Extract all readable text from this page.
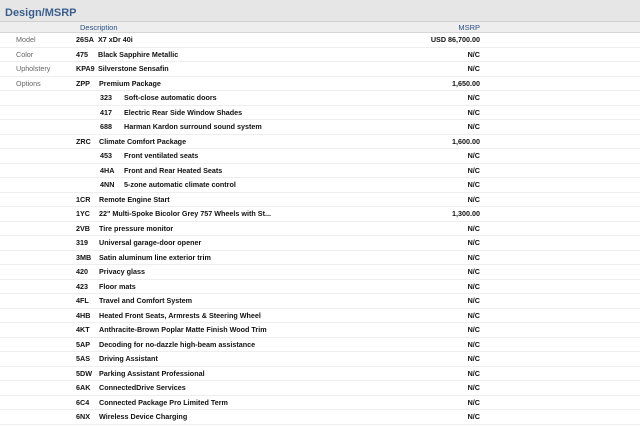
Design/MSRP
Description	MSRP
Model	26SA X7 xDr 40i	USD 86,700.00
Color	475 Black Sapphire Metallic	N/C
Upholstery	KPA9 Silverstone Sensafin	N/C
Options	ZPP Premium Package	1,650.00
323 Soft-close automatic doors	N/C
417 Electric Rear Side Window Shades	N/C
688 Harman Kardon surround sound system	N/C
ZRC Climate Comfort Package	1,600.00
453 Front ventilated seats	N/C
4HA Front and Rear Heated Seats	N/C
4NN 5-zone automatic climate control	N/C
1CR Remote Engine Start	N/C
1YC 22" Multi-Spoke Bicolor Grey 757 Wheels with St...	1,300.00
2VB Tire pressure monitor	N/C
319 Universal garage-door opener	N/C
3MB Satin aluminum line exterior trim	N/C
420 Privacy glass	N/C
423 Floor mats	N/C
4FL Travel and Comfort System	N/C
4HB Heated Front Seats, Armrests & Steering Wheel	N/C
4KT Anthracite-Brown Poplar Matte Finish Wood Trim	N/C
5AP Decoding for no-dazzle high-beam assistance	N/C
5AS Driving Assistant	N/C
5DW Parking Assistant Professional	N/C
6AK ConnectedDrive Services	N/C
6C4 Connected Package Pro Limited Term	N/C
6NX Wireless Device Charging	N/C
